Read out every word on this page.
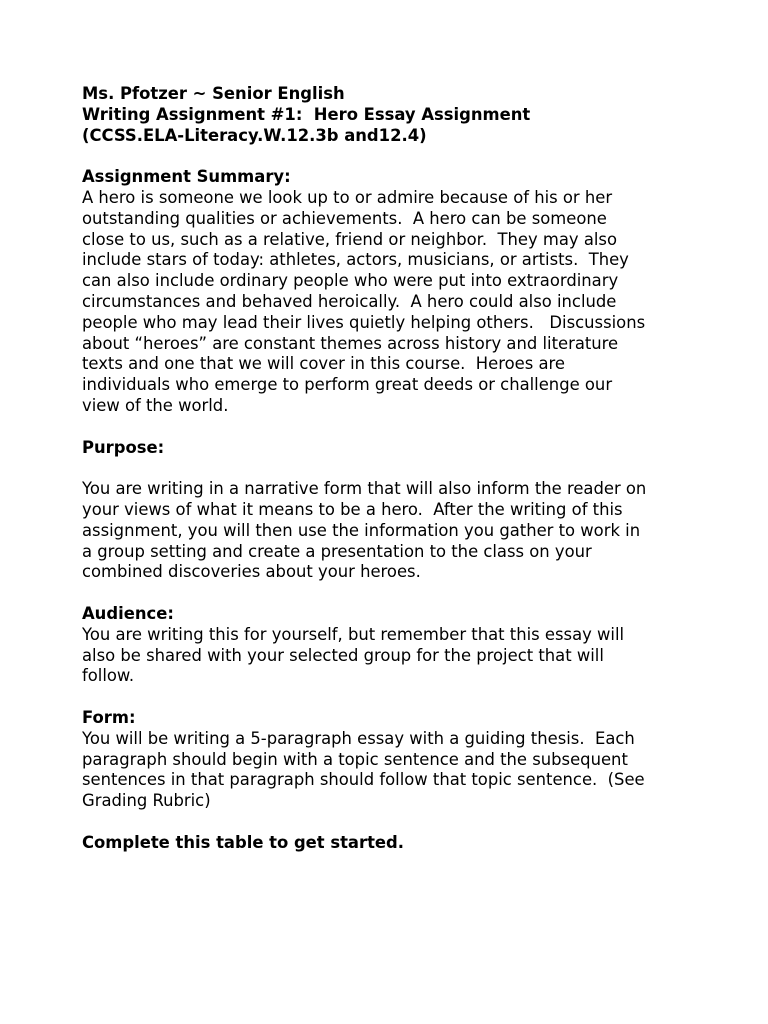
Ms. Pfotzer ~ Senior English
Writing Assignment #1:  Hero Essay Assignment
(CCSS.ELA-Literacy.W.12.3b and12.4)
Assignment Summary:
A hero is someone we look up to or admire because of his or her
outstanding qualities or achievements.  A hero can be someone
close to us, such as a relative, friend or neighbor.  They may also
include stars of today: athletes, actors, musicians, or artists.  They
can also include ordinary people who were put into extraordinary
circumstances and behaved heroically.  A hero could also include
people who may lead their lives quietly helping others.   Discussions
about “heroes” are constant themes across history and literature
texts and one that we will cover in this course.  Heroes are
individuals who emerge to perform great deeds or challenge our
view of the world.
Purpose:
You are writing in a narrative form that will also inform the reader on
your views of what it means to be a hero.  After the writing of this
assignment, you will then use the information you gather to work in
a group setting and create a presentation to the class on your
combined discoveries about your heroes.
Audience:
You are writing this for yourself, but remember that this essay will
also be shared with your selected group for the project that will
follow.
Form:
You will be writing a 5-paragraph essay with a guiding thesis.  Each
paragraph should begin with a topic sentence and the subsequent
sentences in that paragraph should follow that topic sentence.  (See
Grading Rubric)
Complete this table to get started.
